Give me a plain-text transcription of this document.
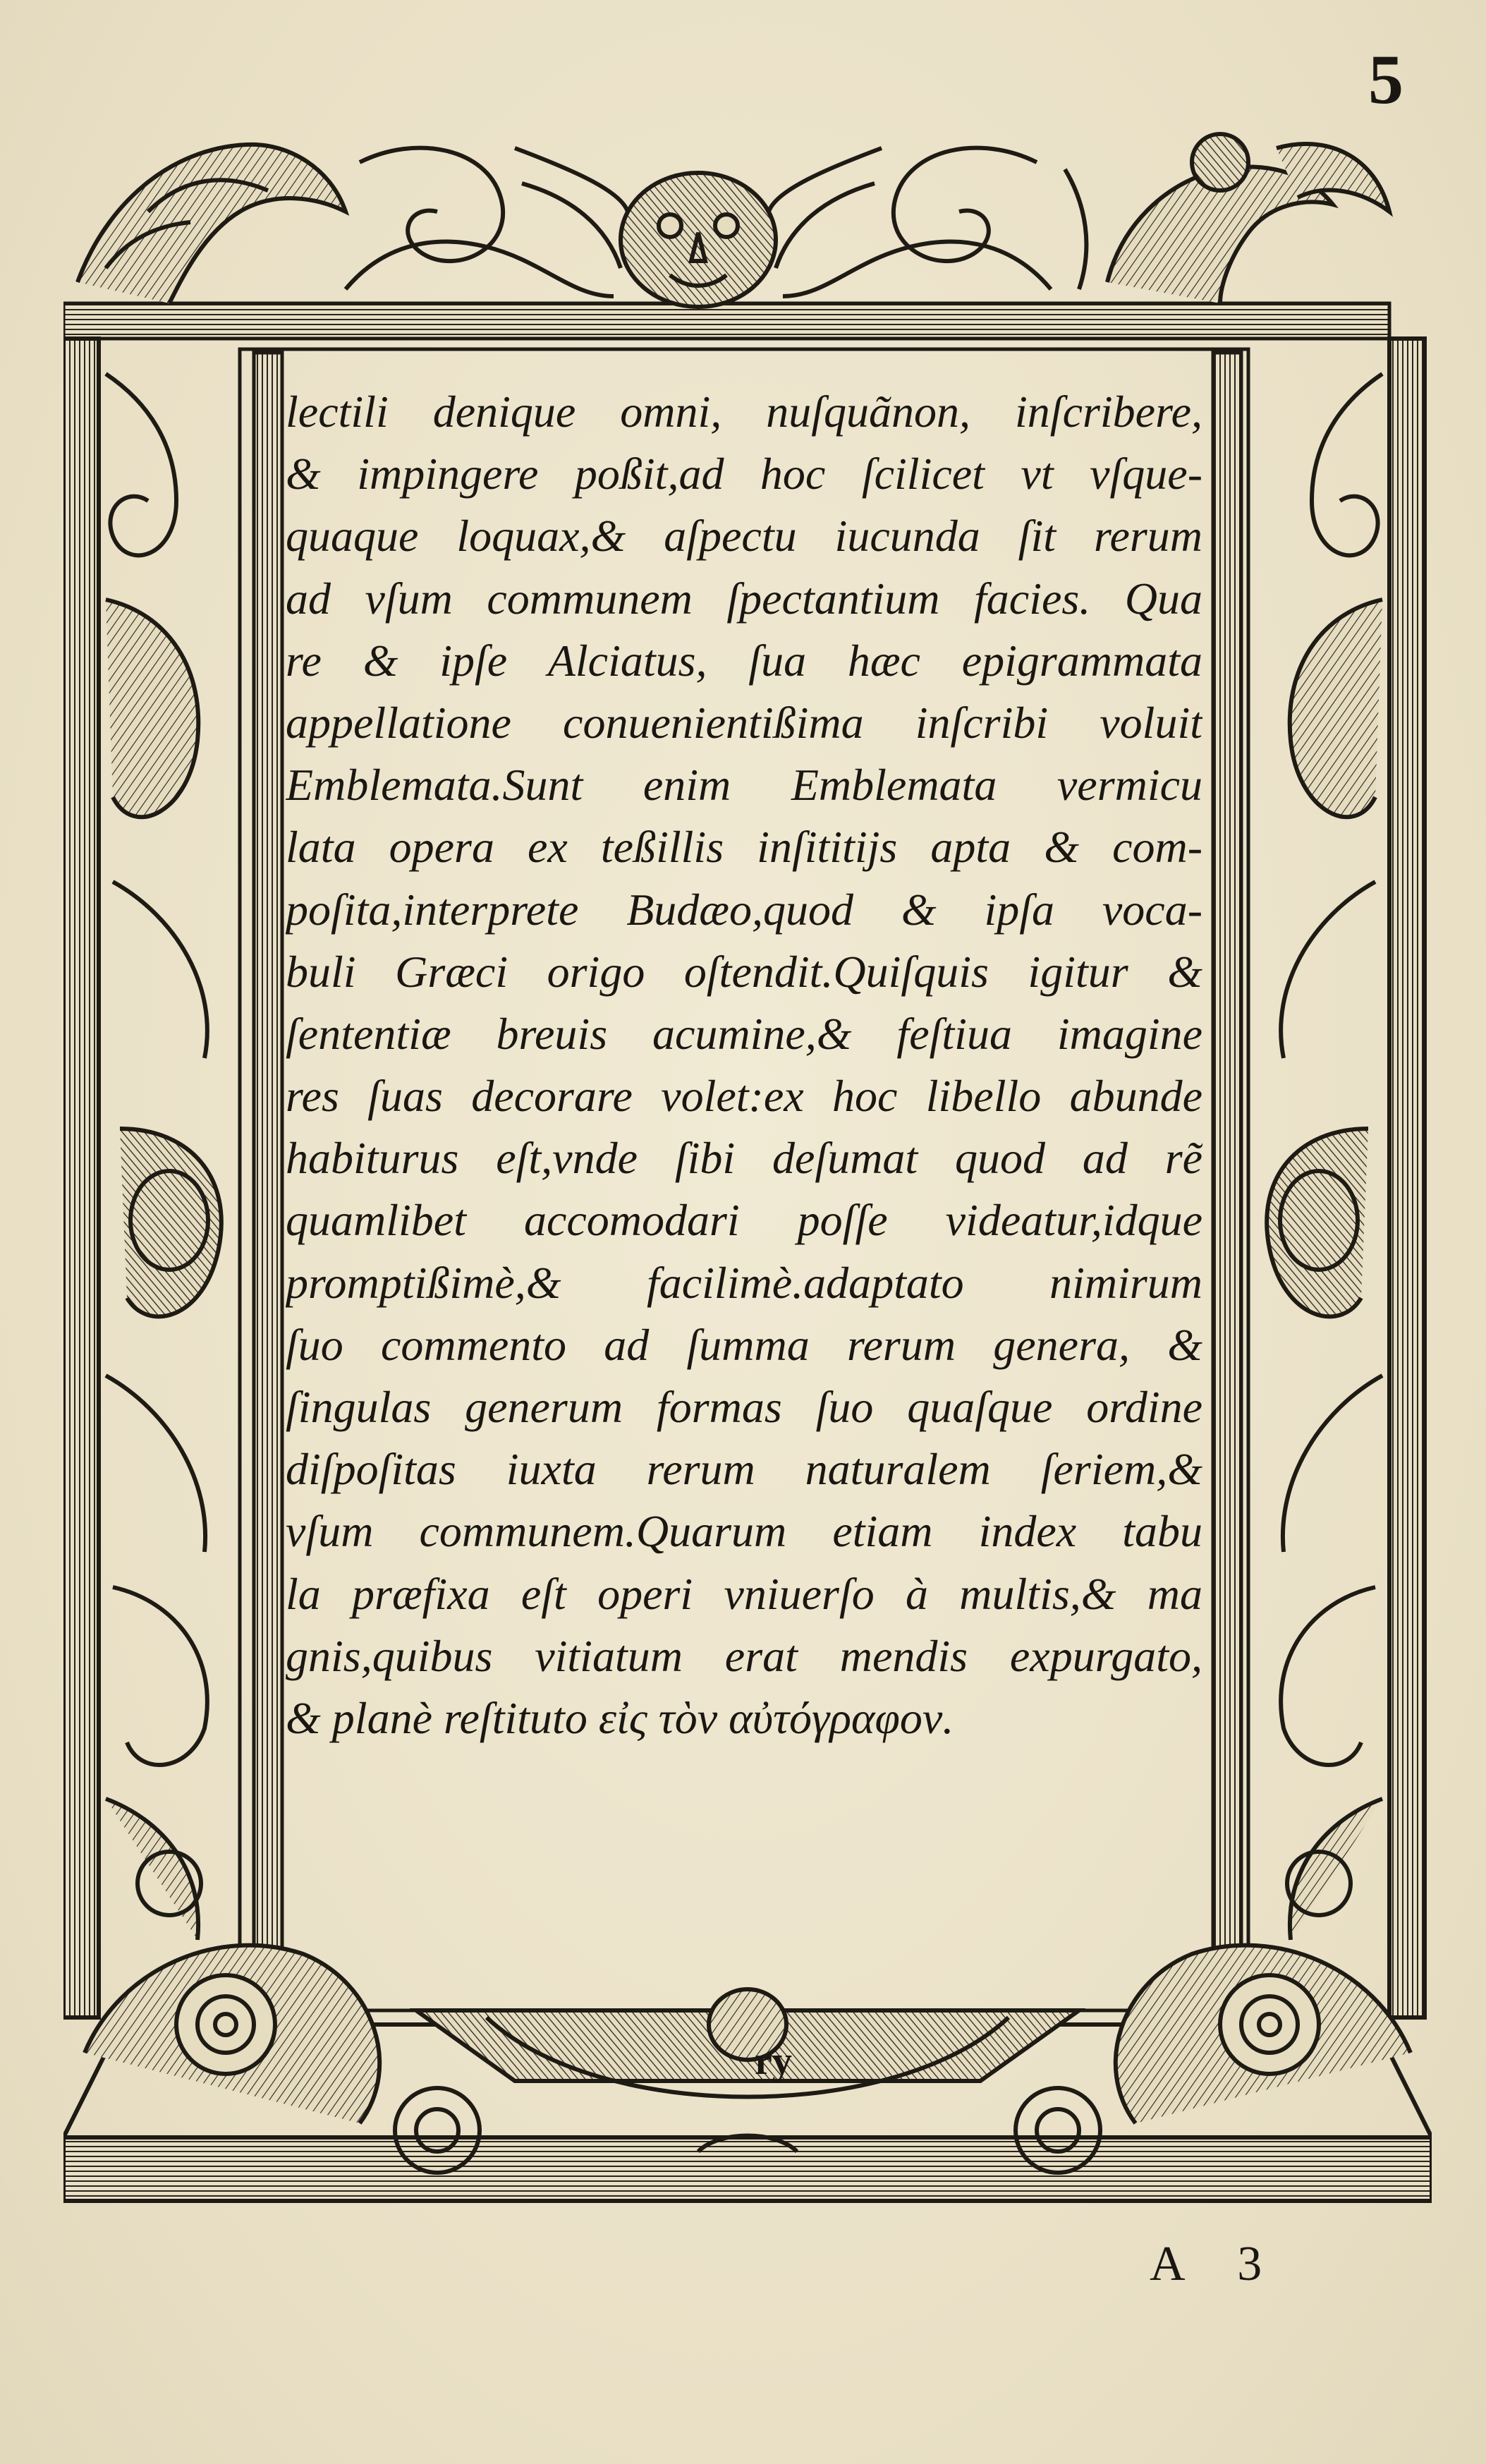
5
ry
lectili denique omni, nuſquãnon, inſcribere,
& impingere poßit,ad hoc ſcilicet vt vſque-
quaque loquax,& aſpectu iucunda ſit rerum
ad vſum communem ſpectantium facies. Qua
re & ipſe Alciatus, ſua hæc epigrammata
appellatione conuenientißima inſcribi voluit
Emblemata.Sunt enim Emblemata vermicu
lata opera ex teßillis inſititijs apta & com-
poſita,interprete Budæo,quod & ipſa voca-
buli Græci origo oſtendit.Quiſquis igitur &
ſententiæ breuis acumine,& feſtiua imagine
res ſuas decorare volet:ex hoc libello abunde
habiturus eſt,vnde ſibi deſumat quod ad rẽ
quamlibet accomodari poſſe videatur,idque
promptißimè,& facilimè.adaptato nimirum
ſuo commento ad ſumma rerum genera, &
ſingulas generum formas ſuo quaſque ordine
diſpoſitas iuxta rerum naturalem ſeriem,&
vſum communem.Quarum etiam index tabu
la præfixa eſt operi vniuerſo à multis,& ma
gnis,quibus vitiatum erat mendis expurgato,
& planè reſtituto εἰς τὸν αὐτόγραφον.
A 3
